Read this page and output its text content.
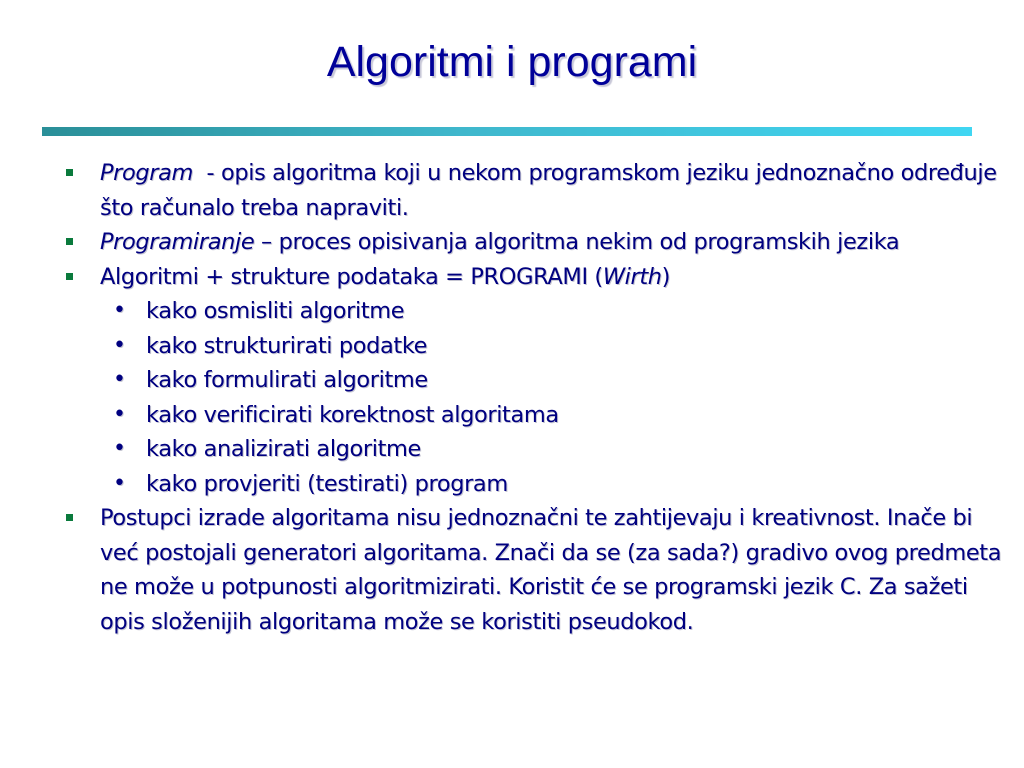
Algoritmi i programi
Program  - opis algoritma koji u nekom programskom jeziku jednoznačno određuje što računalo treba napraviti.
Programiranje – proces opisivanja algoritma nekim od programskih jezika
Algoritmi + strukture podataka = PROGRAMI (Wirth)
• kako osmisliti algoritme
• kako strukturirati podatke
• kako formulirati algoritme
• kako verificirati korektnost algoritama
• kako analizirati algoritme
• kako provjeriti (testirati) program
Postupci izrade algoritama nisu jednoznačni te zahtijevaju i kreativnost. Inače bi već postojali generatori algoritama. Znači da se (za sada?) gradivo ovog predmeta ne može u potpunosti algoritmizirati. Koristit će se programski jezik C. Za sažeti opis složenijih algoritama može se koristiti pseudokod.
